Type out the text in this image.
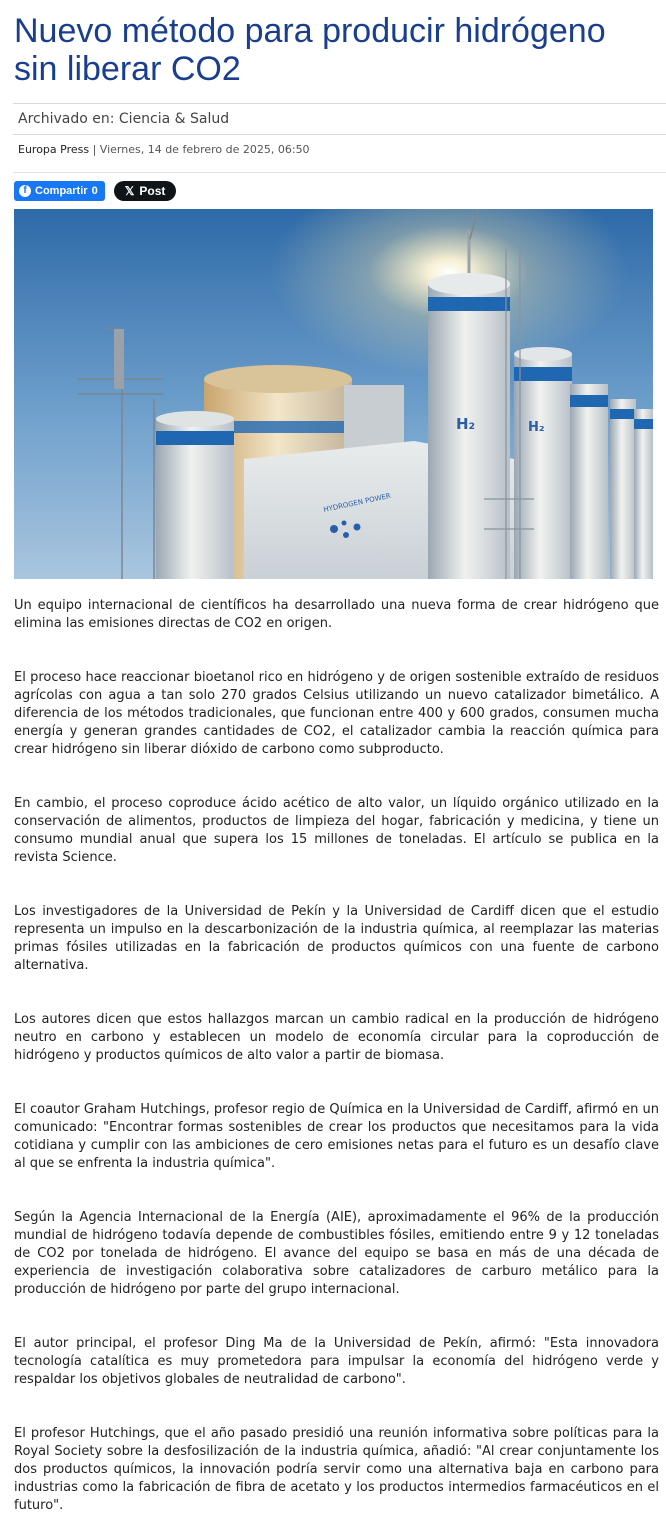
Nuevo método para producir hidrógeno sin liberar CO2
Archivado en: Ciencia & Salud
Europa Press | Viernes, 14 de febrero de 2025, 06:50
f Compartir 0 𝕏 Post
HYDROGEN POWER
H₂	H₂

Un equipo internacional de científicos ha desarrollado una nueva forma de crear hidrógeno que elimina las emisiones directas de CO2 en origen.

El proceso hace reaccionar bioetanol rico en hidrógeno y de origen sostenible extraído de residuos agrícolas con agua a tan solo 270 grados Celsius utilizando un nuevo catalizador bimetálico. A diferencia de los métodos tradicionales, que funcionan entre 400 y 600 grados, consumen mucha energía y generan grandes cantidades de CO2, el catalizador cambia la reacción química para crear hidrógeno sin liberar dióxido de carbono como subproducto.

En cambio, el proceso coproduce ácido acético de alto valor, un líquido orgánico utilizado en la conservación de alimentos, productos de limpieza del hogar, fabricación y medicina, y tiene un consumo mundial anual que supera los 15 millones de toneladas. El artículo se publica en la revista Science.

Los investigadores de la Universidad de Pekín y la Universidad de Cardiff dicen que el estudio representa un impulso en la descarbonización de la industria química, al reemplazar las materias primas fósiles utilizadas en la fabricación de productos químicos con una fuente de carbono alternativa.

Los autores dicen que estos hallazgos marcan un cambio radical en la producción de hidrógeno neutro en carbono y establecen un modelo de economía circular para la coproducción de hidrógeno y productos químicos de alto valor a partir de biomasa.

El coautor Graham Hutchings, profesor regio de Química en la Universidad de Cardiff, afirmó en un comunicado: "Encontrar formas sostenibles de crear los productos que necesitamos para la vida cotidiana y cumplir con las ambiciones de cero emisiones netas para el futuro es un desafío clave al que se enfrenta la industria química".

Según la Agencia Internacional de la Energía (AIE), aproximadamente el 96% de la producción mundial de hidrógeno todavía depende de combustibles fósiles, emitiendo entre 9 y 12 toneladas de CO2 por tonelada de hidrógeno. El avance del equipo se basa en más de una década de experiencia de investigación colaborativa sobre catalizadores de carburo metálico para la producción de hidrógeno por parte del grupo internacional.

El autor principal, el profesor Ding Ma de la Universidad de Pekín, afirmó: "Esta innovadora tecnología catalítica es muy prometedora para impulsar la economía del hidrógeno verde y respaldar los objetivos globales de neutralidad de carbono".

El profesor Hutchings, que el año pasado presidió una reunión informativa sobre políticas para la Royal Society sobre la desfosilización de la industria química, añadió: "Al crear conjuntamente los dos productos químicos, la innovación podría servir como una alternativa baja en carbono para industrias como la fabricación de fibra de acetato y los productos intermedios farmacéuticos en el futuro".
